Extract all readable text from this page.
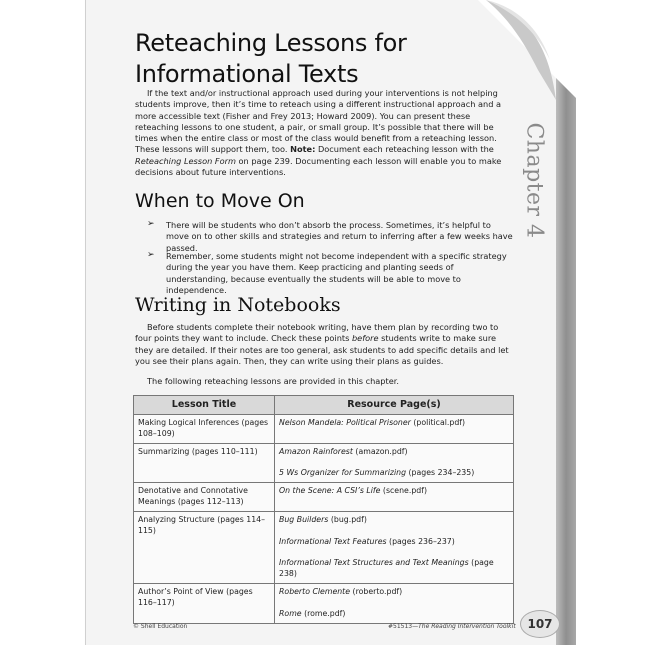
Chapter 4
Reteaching Lessons for
Informational Texts
If the text and/or instructional approach used during your interventions is not helping students improve, then it’s time to reteach using a different instructional approach and a more accessible text (Fisher and Frey 2013; Howard 2009). You can present these reteaching lessons to one student, a pair, or small group. It’s possible that there will be times when the entire class or most of the class would benefit from a reteaching lesson. These lessons will support them, too. Note: Document each reteaching lesson with the Reteaching Lesson Form on page 239. Documenting each lesson will enable you to make decisions about future interventions.
When to Move On
➢	There will be students who don’t absorb the process. Sometimes, it’s helpful to move on to other skills and strategies and return to inferring after a few weeks have passed.
➢	Remember, some students might not become independent with a specific strategy during the year you have them. Keep practicing and planting seeds of understanding, because eventually the students will be able to move to independence.
Writing in Notebooks
Before students complete their notebook writing, have them plan by recording two to four points they want to include. Check these points before students write to make sure they are detailed. If their notes are too general, ask students to add specific details and let you see their plans again. Then, they can write using their plans as guides.
The following reteaching lessons are provided in this chapter.
Lesson Title	Resource Page(s)
Making Logical Inferences (pages 108–109)	Nelson Mandela: Political Prisoner (political.pdf)

Summarizing (pages 110–111)	Amazon Rainforest (amazon.pdf)
5 Ws Organizer for Summarizing (pages 234–235)

Denotative and Connotative Meanings (pages 112–113)	On the Scene: A CSI’s Life (scene.pdf)

Analyzing Structure (pages 114–115)	Bug Builders (bug.pdf)
Informational Text Features (pages 236–237)
Informational Text Structures and Text Meanings (page 238)

Author’s Point of View (pages 116–117)	Roberto Clemente (roberto.pdf)
Rome (rome.pdf)
© Shell Education	#51513—The Reading Intervention Toolkit 107
